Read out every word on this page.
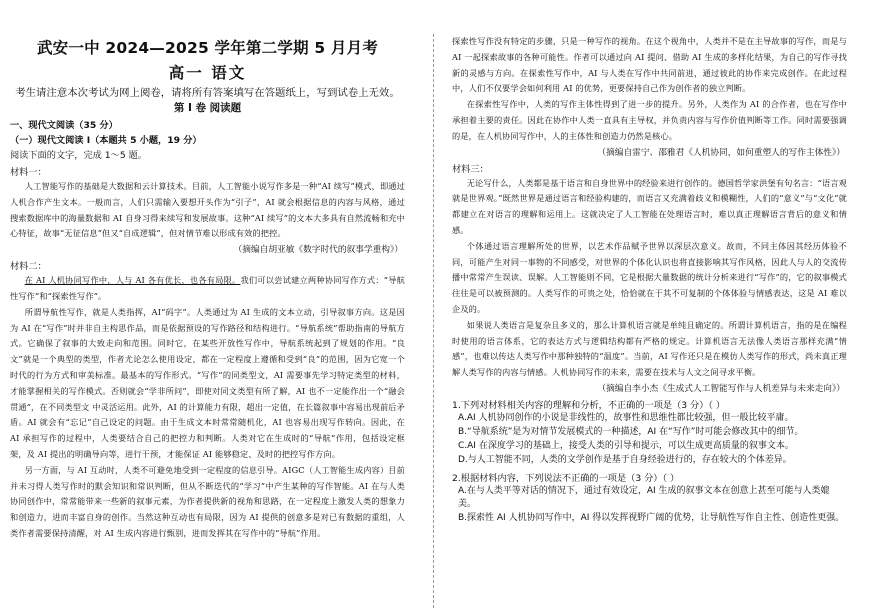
武安一中 2024—2025 学年第二学期 5 月月考
高一 语文
考生请注意本次考试为网上阅卷，请将所有答案填写在答题纸上，写到试卷上无效。
第 I 卷 阅读题
一、现代文阅读（35 分）
（一）现代文阅读 I（本题共 5 小题，19 分）
阅读下面的文字，完成 1～5 题。
材料一：

人工智能写作的基础是大数据和云计算技术。目前，人工智能小说写作多是一种“AI 续写”模式，即通过人机合作产生文本。一般而言，人们只需输入要想开头作为“引子”，AI 就会根据信息的内容与风格，通过搜索数据库中的海量数据和 AI 自身习得来续写和发展故事。这种“AI 续写”的文本大多具有自然流畅和充中心特征，故事“无征信息”但又“自成逻辑”，但对情节难以形成有效的把控。

（摘编自胡亚敏《数字时代的叙事学重构》）
材料二：

在 AI 人机协同写作中，人与 AI 各有优长，也各有局限。我们可以尝试建立两种协同写作方式：“导航性写作”和“探索性写作”。

所谓导航性写作，就是人类指挥，AI“码字”。人类通过为 AI 生成的文本立动，引导叙事方向。这是因为 AI 在“写作”时并非自主构思作品，而是依据预设的写作路径和结构进行。“导航系统”帮助指南的导航方式。它确保了叙事的大致走向和范围。同时它，在某些开放性写作中，导航系统起到了规划的作用。“良文”就是一个典型的类型，作者尤论怎么使用设定，都在一定程度上遵循和受到“良”的范围，因为它宽一个时代的行为方式和审美标准。最基本的写作形式。“写作”的同类型文，AI 需要事先学习特定类型的材料，才能掌握相关的写作模式。否则就会“学非所问”，即使对同文类型有所了解，AI 也不一定能作出一个“融会贯通”，在不同类型文 中灵活运用。此外，AI 的计算能力有限，超出一定值，在长篇叙事中容易出现前后矛盾。AI 就会有“忘记”自己设定的问题。由于生成文本时常常随机化，AI 也容易出现写作转向。因此，在 AI 承担写作的过程中，人类要结合自己的把控力和判断。人类对它在生成时的“导航”作用，包括设定框架，及 AI 提出的明确导向等，进行干预，才能保证 AI 能够稳定、及时的把控写作方向。

另一方面，与 AI 互动时，人类不可避免地受到一定程度的信息引导。AIGC（人工智能生成内容）目前并未习得人类写作时的默会知识和常识判断，但从不断迭代的“学习”中产生某种的写作智能。AI 在与人类协同创作中，常常能带来一些新的叙事元素，为作者提供新的视角和思路，在一定程度上激发人类的想象力和创造力，进而丰富自身的创作。当然这种互动也有局限，因为 AI 提供的创意多是对已有数据的重组，人类作者需要保持清醒，对 AI 生成内容进行甄别，进而发挥其在写作中的“导航”作用。

探索性写作没有特定的步骤，只是一种写作的视角。在这个视角中，人类并不是在主导故事的写作，而是与 AI 一起探索故事的各种可能性。作者可以通过向 AI 提问、借助 AI 生成的多样化结果，为自己的写作寻找新的灵感与方向。在探索性写作中，AI 与人类在写作中共同前进，通过彼此的协作来完成创作。在此过程中，人们不仅要学会如何利用 AI 的优势，更要保持自己作为创作者的独立判断。

在探索性写作中，人类的写作主体性得到了进一步的提升。另外，人类作为 AI 的合作者，也在写作中承担着主要的责任。因此在协作中人类一直具有主导权，并负责内容与写作价值判断等工作。同时需要强调的是，在人机协同写作中，人的主体性和创造力仍然是核心。

（摘编自雷宁、邵雅君《人机协同，如何重塑人的写作主体性》）
材料三：

无论写什么，人类都是基于语言和自身世界中的经验来进行创作的。德国哲学家洪堡有句名言：“语言观就是世界观。”既然世界是通过语言和经验构建的，而语言又充满着歧义和模糊性，人们的“意义”与“文化”就都建立在对语言的理解和运用上。这就决定了人工智能在处理语言时，难以真正理解语言背后的意义和情感。

个体通过语言理解所处的世界，以艺术作品赋予世界以深层次意义。故而，不同主体因其经历体验不同，可能产生对同一事物的不同感受，对世界的个体化认识也将直接影响其写作风格，因此人与人的交流传播中常常产生误读、误解。人工智能则不同，它是根据大量数据的统计分析来进行“写作”的，它的叙事模式往往是可以被预测的。人类写作的可贵之处，恰恰就在于其不可复制的个体体验与情感表达，这是 AI 难以企及的。

如果说人类语言是复杂且多义的，那么计算机语言就是单纯且确定的。所谓计算机语言，指的是在编程时使用的语言体系，它的表达方式与逻辑结构都有严格的规定。计算机语言无法像人类语言那样充满“情感”，也难以传达人类写作中那种独特的“温度”。当前，AI 写作还只是在模仿人类写作的形式，尚未真正理解人类写作的内容与情感。人机协同写作的未来，需要在技术与人文之间寻求平衡。

（摘编自李小杰《生成式人工智能写作与人机差异与未来走向》）
1.下列对材料相关内容的理解和分析，不正确的一项是（3 分）（ ）
A.AI 人机协同创作的小说是非线性的，故事性和思维性都比较强，但一般比较平庸。
B.“导航系统”是为对情节发展模式的一种描述，AI 在“写作”时可能会修改其中的细节。
C.AI 在深度学习的基础上，接受人类的引导和提示，可以生成更高质量的叙事文本。
D.与人工智能不同，人类的文学创作是基于自身经验进行的，存在较大的个体差异。
2.根据材料内容，下列说法不正确的一项是（3 分）（ ）
A.在与人类平等对话的情况下，通过有效设定，AI 生成的叙事文本在创意上甚至可能与人类媲美。
B.探索性 AI 人机协同写作中，AI 得以发挥视野广阔的优势，让导航性写作自主性、创造性更强。
